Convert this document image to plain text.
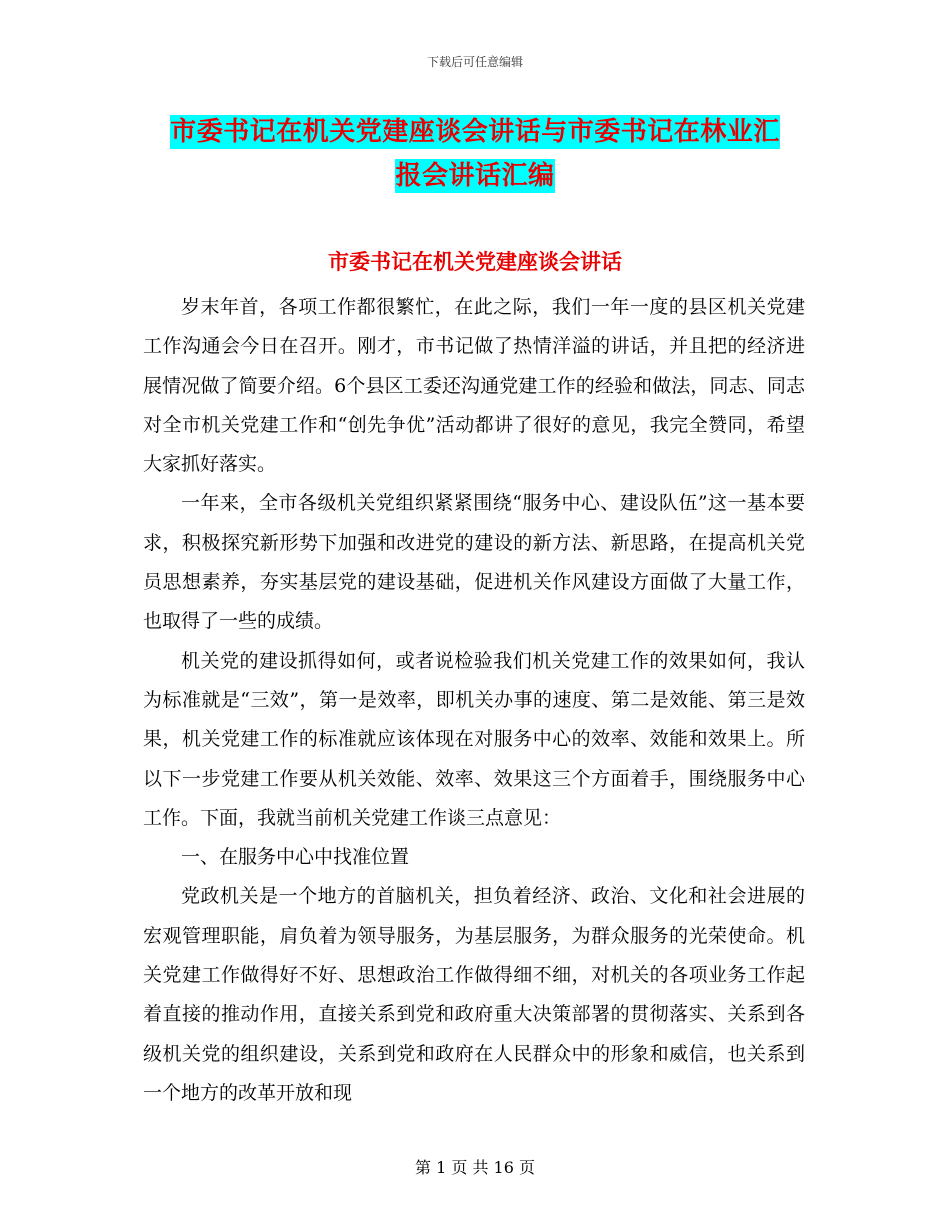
下载后可任意编辑
市委书记在机关党建座谈会讲话与市委书记在林业汇
报会讲话汇编
市委书记在机关党建座谈会讲话

岁末年首，各项工作都很繁忙，在此之际，我们一年一度的县区机关党建工作沟通会今日在召开。刚才，市书记做了热情洋溢的讲话，并且把的经济进展情况做了简要介绍。6个县区工委还沟通党建工作的经验和做法，同志、同志对全市机关党建工作和“创先争优”活动都讲了很好的意见，我完全赞同，希望大家抓好落实。

一年来，全市各级机关党组织紧紧围绕“服务中心、建设队伍”这一基本要求，积极探究新形势下加强和改进党的建设的新方法、新思路，在提高机关党员思想素养，夯实基层党的建设基础，促进机关作风建设方面做了大量工作，也取得了一些的成绩。

机关党的建设抓得如何，或者说检验我们机关党建工作的效果如何，我认为标准就是“三效”，第一是效率，即机关办事的速度、第二是效能、第三是效果，机关党建工作的标准就应该体现在对服务中心的效率、效能和效果上。所以下一步党建工作要从机关效能、效率、效果这三个方面着手，围绕服务中心工作。下面，我就当前机关党建工作谈三点意见：

一、在服务中心中找准位置

党政机关是一个地方的首脑机关，担负着经济、政治、文化和社会进展的宏观管理职能，肩负着为领导服务，为基层服务，为群众服务的光荣使命。机关党建工作做得好不好、思想政治工作做得细不细，对机关的各项业务工作起着直接的推动作用，直接关系到党和政府重大决策部署的贯彻落实、关系到各级机关党的组织建设，关系到党和政府在人民群众中的形象和威信，也关系到一个地方的改革开放和现

第 1 页 共 16 页
